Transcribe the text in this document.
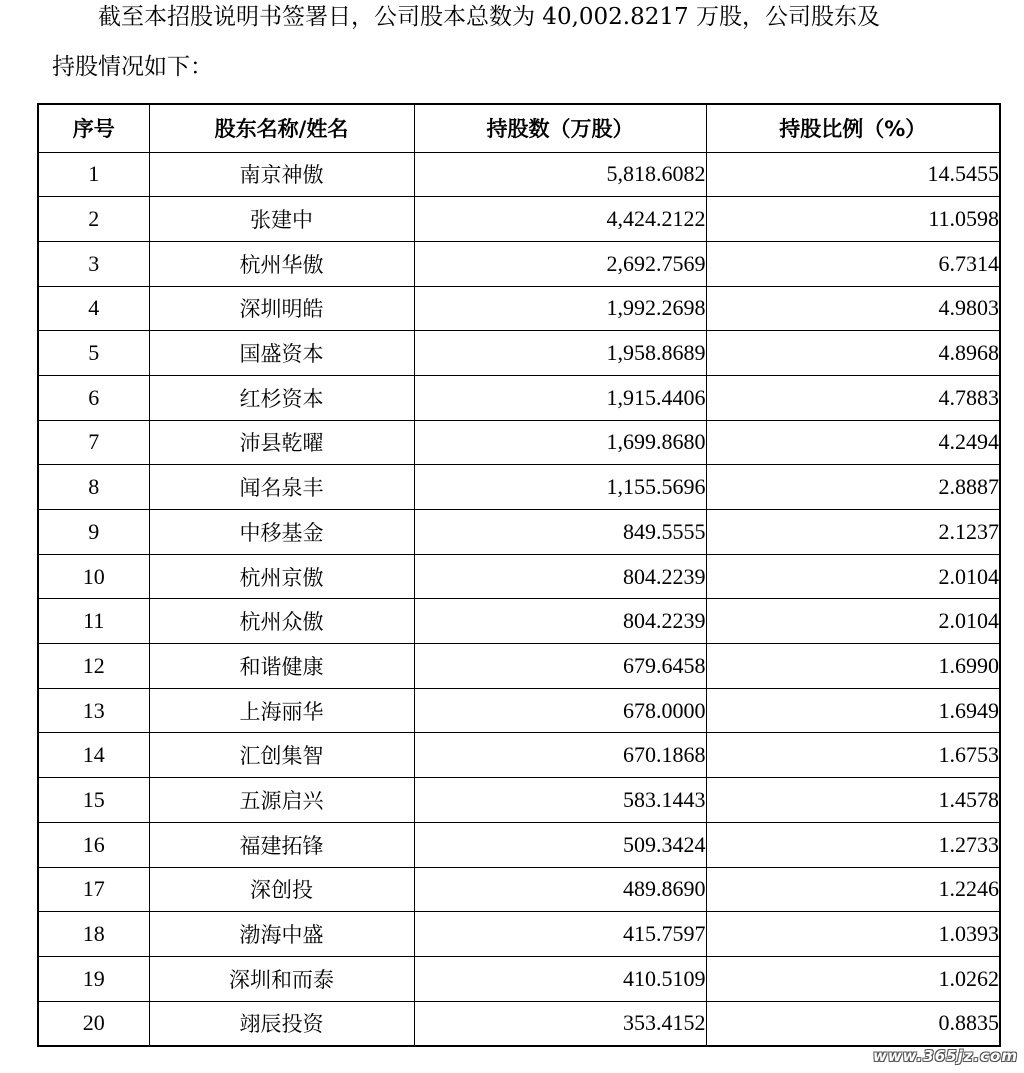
截至本招股说明书签署日，公司股本总数为 40,002.8217 万股，公司股东及
持股情况如下：
序号	股东名称/姓名	持股数（万股）	持股比例（%）
1	南京神傲	5,818.6082	14.5455
2	张建中	4,424.2122	11.0598
3	杭州华傲	2,692.7569	6.7314
4	深圳明皓	1,992.2698	4.9803
5	国盛资本	1,958.8689	4.8968
6	红杉资本	1,915.4406	4.7883
7	沛县乾曜	1,699.8680	4.2494
8	闻名泉丰	1,155.5696	2.8887
9	中移基金	849.5555	2.1237
10	杭州京傲	804.2239	2.0104
11	杭州众傲	804.2239	2.0104
12	和谐健康	679.6458	1.6990
13	上海丽华	678.0000	1.6949
14	汇创集智	670.1868	1.6753
15	五源启兴	583.1443	1.4578
16	福建拓锋	509.3424	1.2733
17	深创投	489.8690	1.2246
18	渤海中盛	415.7597	1.0393
19	深圳和而泰	410.5109	1.0262
20	翊辰投资	353.4152	0.8835
www.365jz.com
